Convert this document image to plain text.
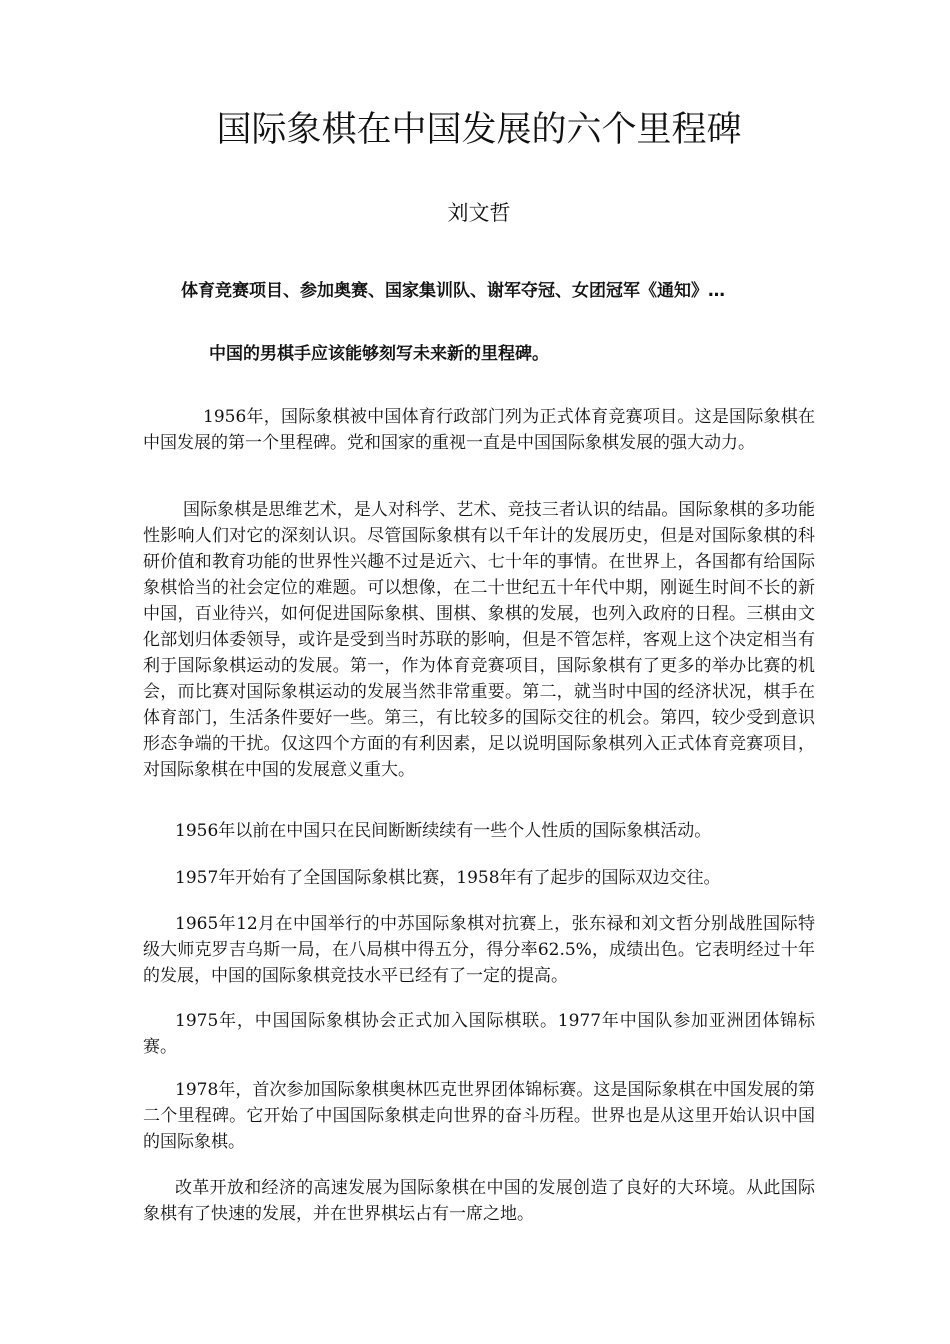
国际象棋在中国发展的六个里程碑

刘文哲

体育竞赛项目、参加奥赛、国家集训队、谢军夺冠、女团冠军《通知》…

中国的男棋手应该能够刻写未来新的里程碑。

1956年，国际象棋被中国体育行政部门列为正式体育竞赛项目。这是国际象棋在中国发展的第一个里程碑。党和国家的重视一直是中国国际象棋发展的强大动力。

国际象棋是思维艺术，是人对科学、艺术、竞技三者认识的结晶。国际象棋的多功能性影响人们对它的深刻认识。尽管国际象棋有以千年计的发展历史，但是对国际象棋的科研价值和教育功能的世界性兴趣不过是近六、七十年的事情。在世界上，各国都有给国际象棋恰当的社会定位的难题。可以想像，在二十世纪五十年代中期，刚诞生时间不长的新中国，百业待兴，如何促进国际象棋、围棋、象棋的发展，也列入政府的日程。三棋由文化部划归体委领导，或许是受到当时苏联的影响，但是不管怎样，客观上这个决定相当有利于国际象棋运动的发展。第一，作为体育竞赛项目，国际象棋有了更多的举办比赛的机会，而比赛对国际象棋运动的发展当然非常重要。第二，就当时中国的经济状况，棋手在体育部门，生活条件要好一些。第三，有比较多的国际交往的机会。第四，较少受到意识形态争端的干扰。仅这四个方面的有利因素，足以说明国际象棋列入正式体育竞赛项目，对国际象棋在中国的发展意义重大。

1956年以前在中国只在民间断断续续有一些个人性质的国际象棋活动。

1957年开始有了全国国际象棋比赛，1958年有了起步的国际双边交往。

1965年12月在中国举行的中苏国际象棋对抗赛上，张东禄和刘文哲分别战胜国际特级大师克罗吉乌斯一局，在八局棋中得五分，得分率62.5%，成绩出色。它表明经过十年的发展，中国的国际象棋竞技水平已经有了一定的提高。

1975年，中国国际象棋协会正式加入国际棋联。1977年中国队参加亚洲团体锦标赛。

1978年，首次参加国际象棋奥林匹克世界团体锦标赛。这是国际象棋在中国发展的第二个里程碑。它开始了中国国际象棋走向世界的奋斗历程。世界也是从这里开始认识中国的国际象棋。

改革开放和经济的高速发展为国际象棋在中国的发展创造了良好的大环境。从此国际象棋有了快速的发展，并在世界棋坛占有一席之地。
